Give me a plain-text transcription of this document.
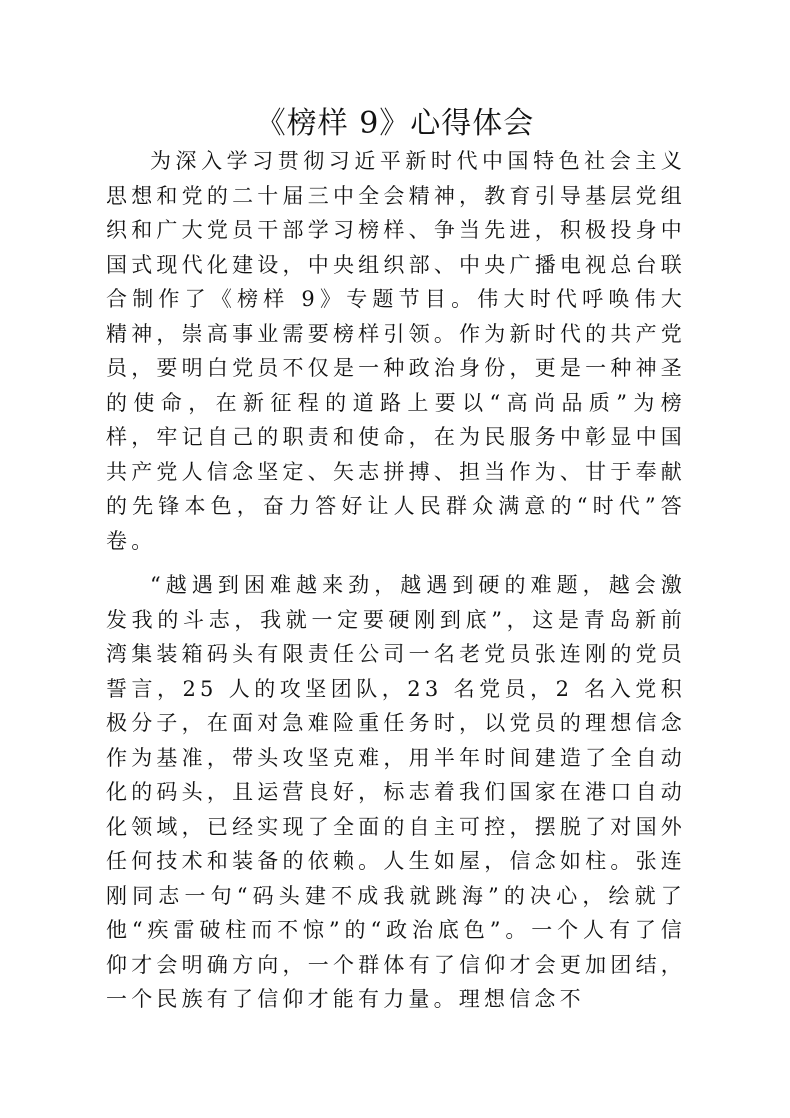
《榜样 9》心得体会

为深入学习贯彻习近平新时代中国特色社会主义思想和党的二十届三中全会精神，教育引导基层党组织和广大党员干部学习榜样、争当先进，积极投身中国式现代化建设，中央组织部、中央广播电视总台联合制作了《榜样 9》专题节目。伟大时代呼唤伟大精神，崇高事业需要榜样引领。作为新时代的共产党员，要明白党员不仅是一种政治身份，更是一种神圣的使命，在新征程的道路上要以“高尚品质”为榜样，牢记自己的职责和使命，在为民服务中彰显中国共产党人信念坚定、矢志拼搏、担当作为、甘于奉献的先锋本色，奋力答好让人民群众满意的“时代”答卷。

“越遇到困难越来劲，越遇到硬的难题，越会激发我的斗志，我就一定要硬刚到底”，这是青岛新前湾集装箱码头有限责任公司一名老党员张连刚的党员誓言，25 人的攻坚团队，23 名党员，2 名入党积极分子，在面对急难险重任务时，以党员的理想信念作为基准，带头攻坚克难，用半年时间建造了全自动化的码头，且运营良好，标志着我们国家在港口自动化领域，已经实现了全面的自主可控，摆脱了对国外任何技术和装备的依赖。人生如屋，信念如柱。张连刚同志一句“码头建不成我就跳海”的决心，绘就了他“疾雷破柱而不惊”的“政治底色”。一个人有了信仰才会明确方向，一个群体有了信仰才会更加团结，一个民族有了信仰才能有力量。理想信念不
